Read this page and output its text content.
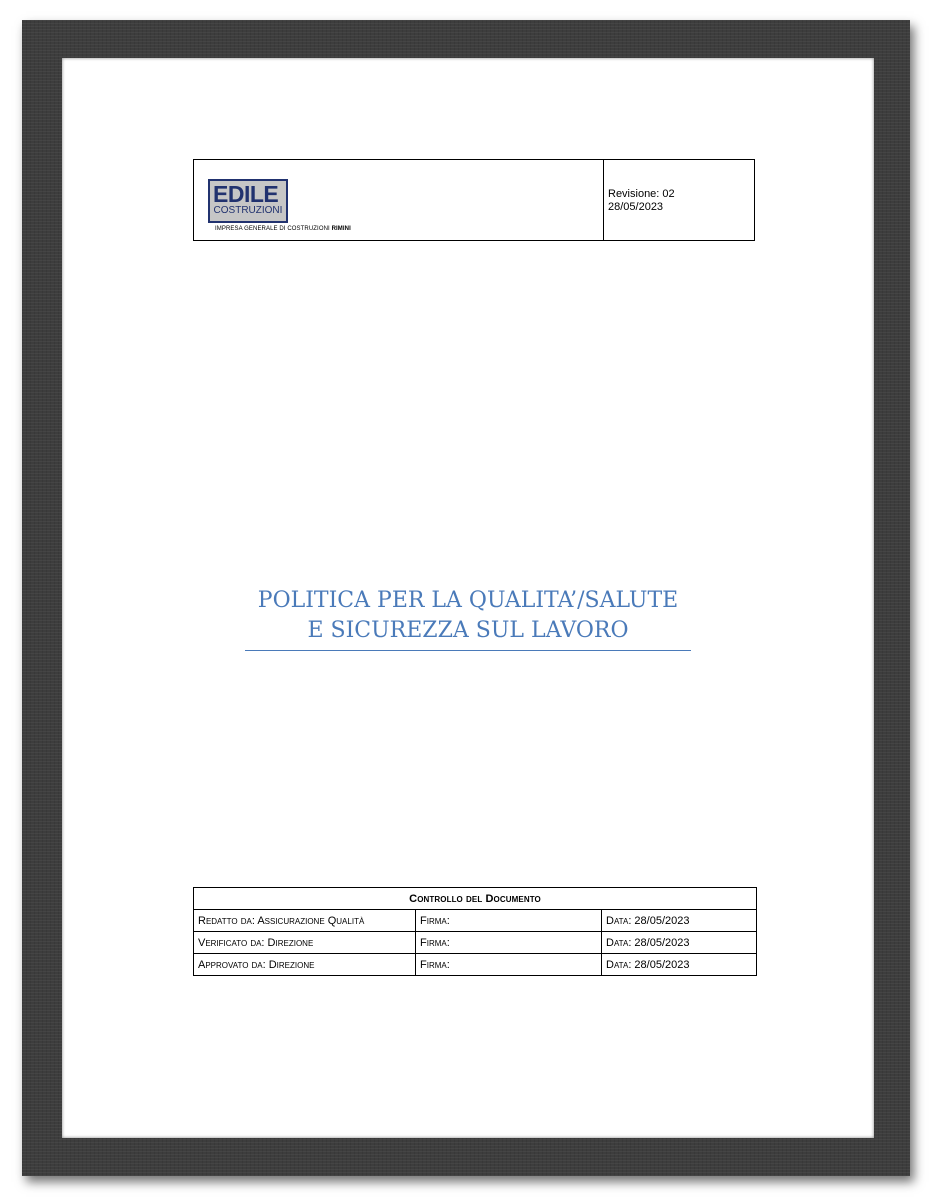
EDILE
COSTRUZIONI
IMPRESA GENERALE DI COSTRUZIONI RIMINI
Revisione: 02
28/05/2023
POLITICA PER LA QUALITA’/SALUTE
E SICUREZZA SUL LAVORO
Controllo del Documento		
Redatto da: Assicurazione Qualità	Firma:	Data: 28/05/2023
Verificato da: Direzione	Firma:	Data: 28/05/2023
Approvato da: Direzione	Firma:	Data: 28/05/2023
